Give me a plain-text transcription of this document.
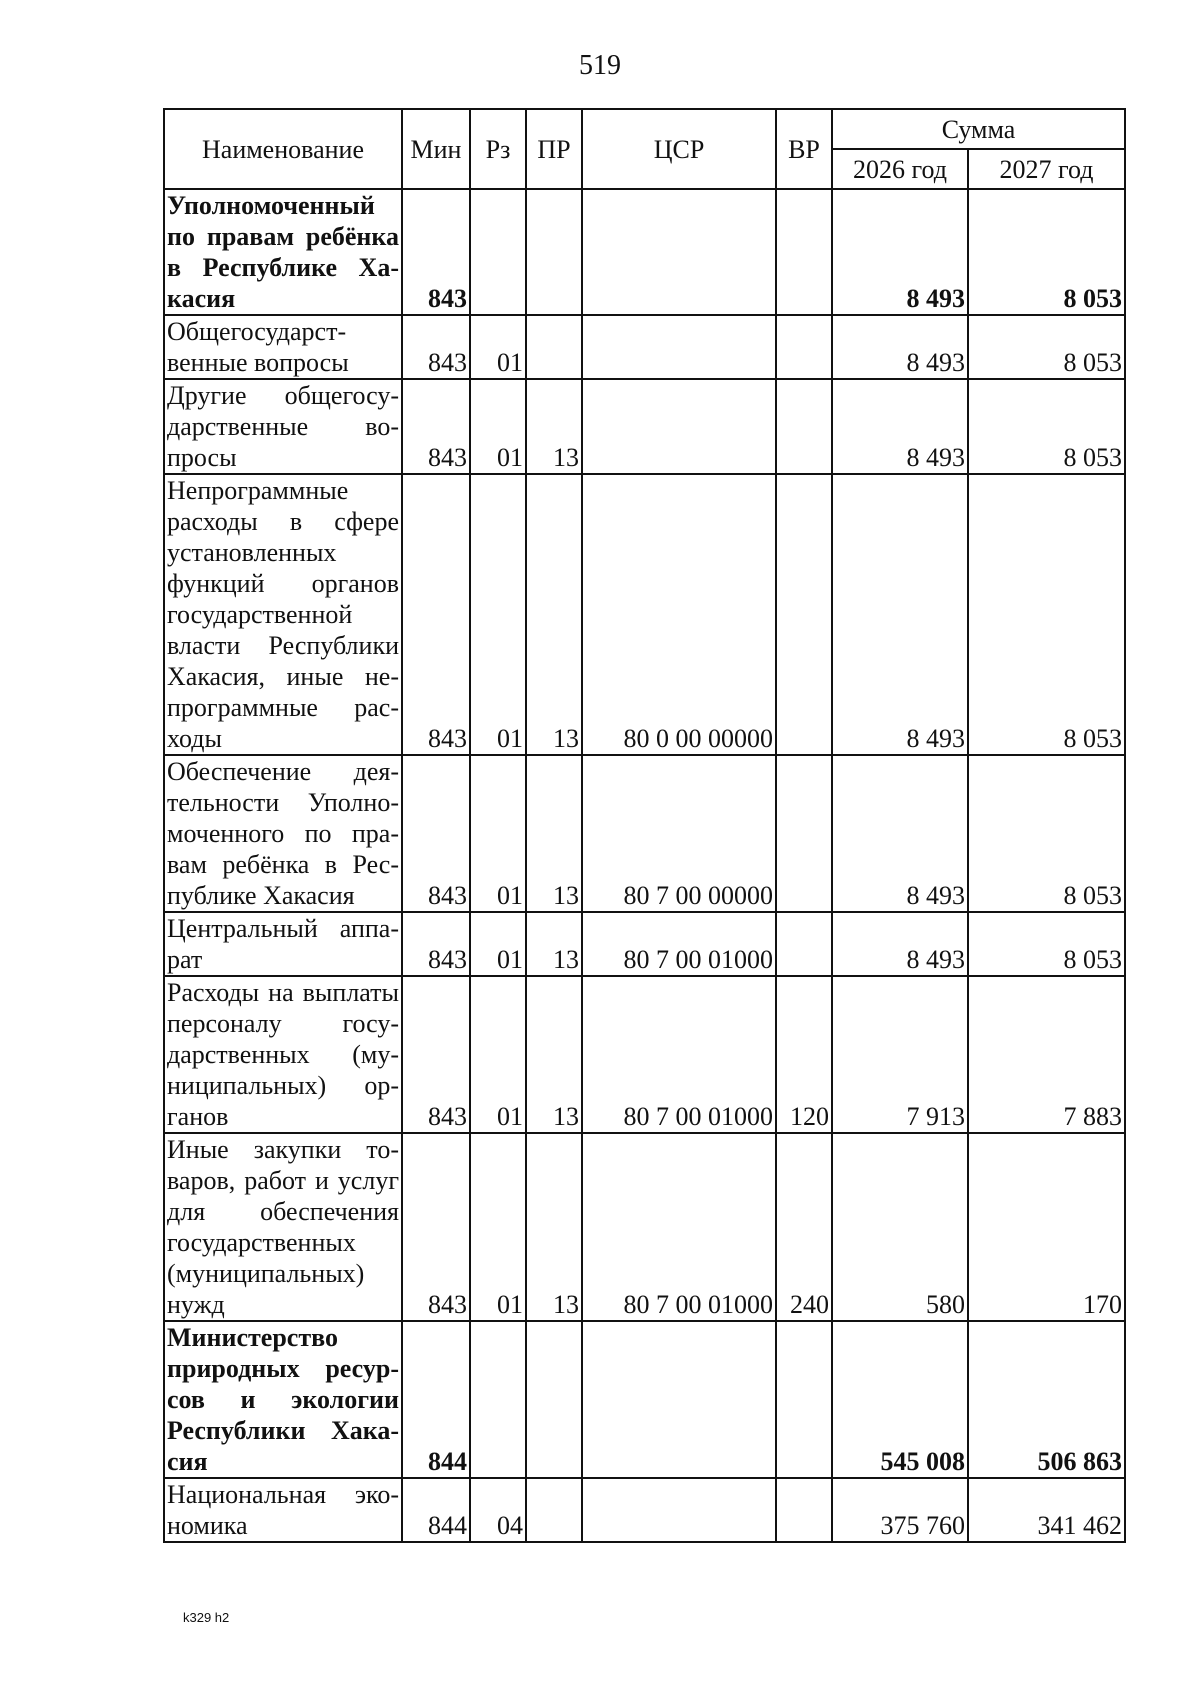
519
Наименование	Мин	Рз	ПР	ЦСР	ВР	Сумма	
						2026 год	2027 год
Уполномоченный по правам ребёнка в Республике Хакасия	843					8 493	8 053
Общегосударственные вопросы	843	01				8 493	8 053
Другие общегосударственные вопросы	843	01	13			8 493	8 053
Непрограммные расходы в сфере установленных функций органов государственной власти Республики Хакасия, иные непрограммные расходы	843	01	13	80 0 00 00000		8 493	8 053
Обеспечение деятельности Уполномоченного по правам ребёнка в Республике Хакасия	843	01	13	80 7 00 00000		8 493	8 053
Центральный аппарат	843	01	13	80 7 00 01000		8 493	8 053
Расходы на выплаты персоналу государственных (муниципальных) органов	843	01	13	80 7 00 01000	120	7 913	7 883
Иные закупки товаров, работ и услуг для обеспечения государственных (муниципальных) нужд	843	01	13	80 7 00 01000	240	580	170
Министерство природных ресурсов и экологии Республики Хакасия	844					545 008	506 863
Национальная экономика	844	04				375 760	341 462
k329 h2
